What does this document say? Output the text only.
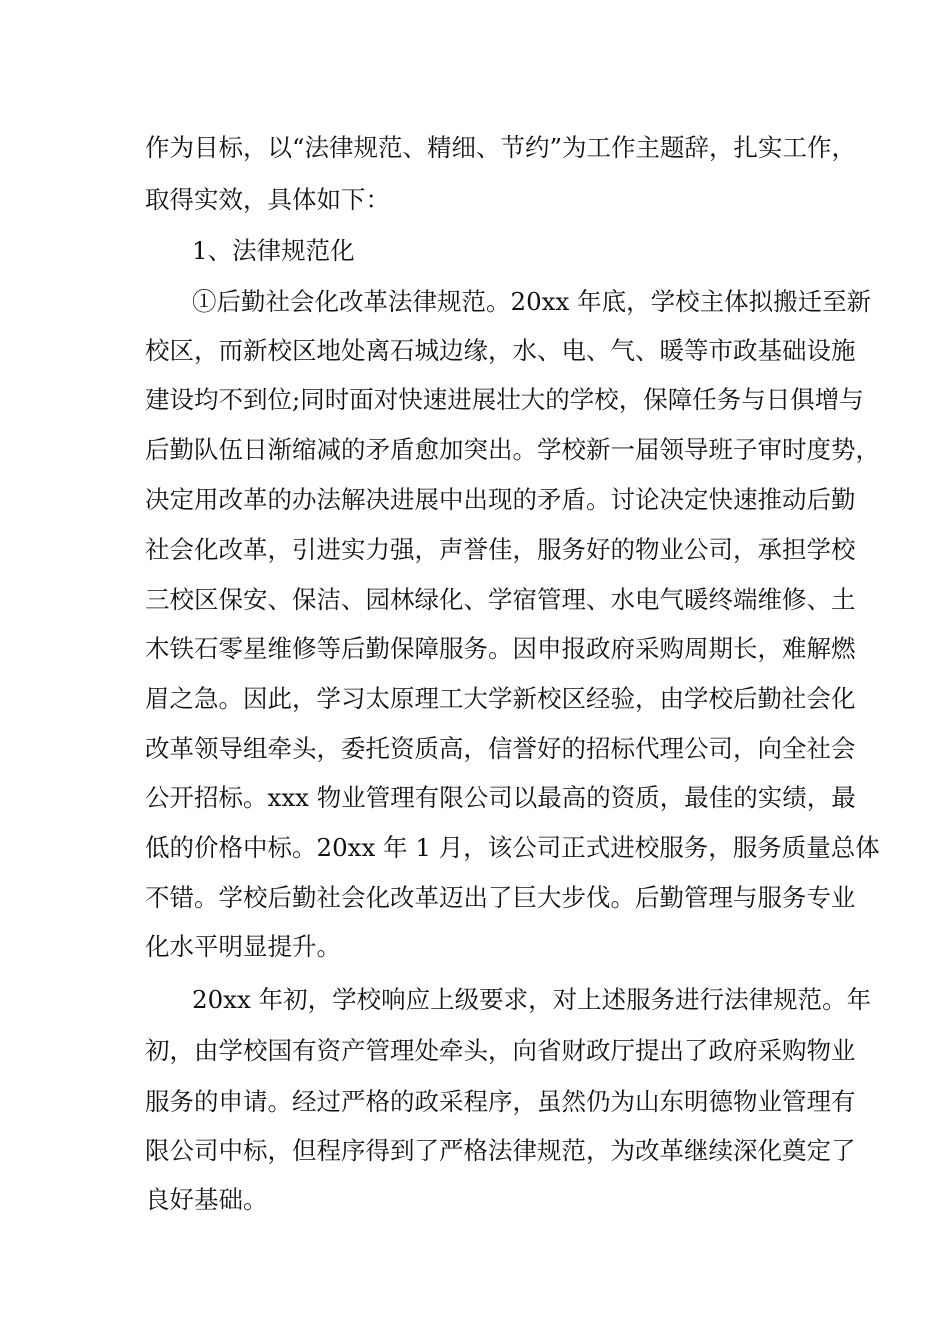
作为目标，以“法律规范、精细、节约”为工作主题辞，扎实工作，
取得实效，具体如下：
1、法律规范化
①后勤社会化改革法律规范。20xx 年底，学校主体拟搬迁至新
校区，而新校区地处离石城边缘，水、电、气、暖等市政基础设施
建设均不到位;同时面对快速进展壮大的学校，保障任务与日俱增与
后勤队伍日渐缩减的矛盾愈加突出。学校新一届领导班子审时度势，
决定用改革的办法解决进展中出现的矛盾。讨论决定快速推动后勤
社会化改革，引进实力强，声誉佳，服务好的物业公司，承担学校
三校区保安、保洁、园林绿化、学宿管理、水电气暖终端维修、土
木铁石零星维修等后勤保障服务。因申报政府采购周期长，难解燃
眉之急。因此，学习太原理工大学新校区经验，由学校后勤社会化
改革领导组牵头，委托资质高，信誉好的招标代理公司，向全社会
公开招标。xxx 物业管理有限公司以最高的资质，最佳的实绩，最
低的价格中标。20xx 年 1 月，该公司正式进校服务，服务质量总体
不错。学校后勤社会化改革迈出了巨大步伐。后勤管理与服务专业
化水平明显提升。
20xx 年初，学校响应上级要求，对上述服务进行法律规范。年
初，由学校国有资产管理处牵头，向省财政厅提出了政府采购物业
服务的申请。经过严格的政采程序，虽然仍为山东明德物业管理有
限公司中标，但程序得到了严格法律规范，为改革继续深化奠定了
良好基础。
